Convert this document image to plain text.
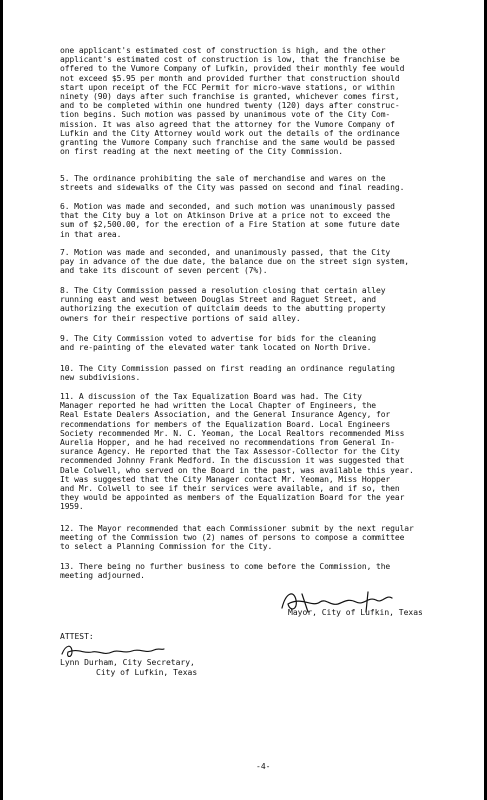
one applicant's estimated cost of construction is high, and the other
applicant's estimated cost of construction is low, that the franchise be
offered to the Vumore Company of Lufkin, provided their monthly fee would
not exceed $5.95 per month and provided further that construction should
start upon receipt of the FCC Permit for micro-wave stations, or within
ninety (90) days after such franchise is granted, whichever comes first,
and to be completed within one hundred twenty (120) days after construc-
tion begins. Such motion was passed by unanimous vote of the City Com-
mission. It was also agreed that the attorney for the Vumore Company of
Lufkin and the City Attorney would work out the details of the ordinance
granting the Vumore Company such franchise and the same would be passed
on first reading at the next meeting of the City Commission.
5. The ordinance prohibiting the sale of merchandise and wares on the
streets and sidewalks of the City was passed on second and final reading.
6. Motion was made and seconded, and such motion was unanimously passed
that the City buy a lot on Atkinson Drive at a price not to exceed the
sum of $2,500.00, for the erection of a Fire Station at some future date
in that area.
7. Motion was made and seconded, and unanimously passed, that the City
pay in advance of the due date, the balance due on the street sign system,
and take its discount of seven percent (7%).
8. The City Commission passed a resolution closing that certain alley
running east and west between Douglas Street and Raguet Street, and
authorizing the execution of quitclaim deeds to the abutting property
owners for their respective portions of said alley.
9. The City Commission voted to advertise for bids for the cleaning
and re-painting of the elevated water tank located on North Drive.
10. The City Commission passed on first reading an ordinance regulating
new subdivisions.
11. A discussion of the Tax Equalization Board was had. The City
Manager reported he had written the Local Chapter of Engineers, the
Real Estate Dealers Association, and the General Insurance Agency, for
recommendations for members of the Equalization Board. Local Engineers
Society recommended Mr. N. C. Yeoman, the Local Realtors recommended Miss
Aurelia Hopper, and he had received no recommendations from General In-
surance Agency. He reported that the Tax Assessor-Collector for the City
recommended Johnny Frank Medford. In the discussion it was suggested that
Dale Colwell, who served on the Board in the past, was available this year.
It was suggested that the City Manager contact Mr. Yeoman, Miss Hopper
and Mr. Colwell to see if their services were available, and if so, then
they would be appointed as members of the Equalization Board for the year
1959.
12. The Mayor recommended that each Commissioner submit by the next regular
meeting of the Commission two (2) names of persons to compose a committee
to select a Planning Commission for the City.
13. There being no further business to come before the Commission, the
meeting adjourned.
Mayor, City of Lufkin, Texas
ATTEST:
Lynn Durham, City Secretary,
City of Lufkin, Texas
-4-
